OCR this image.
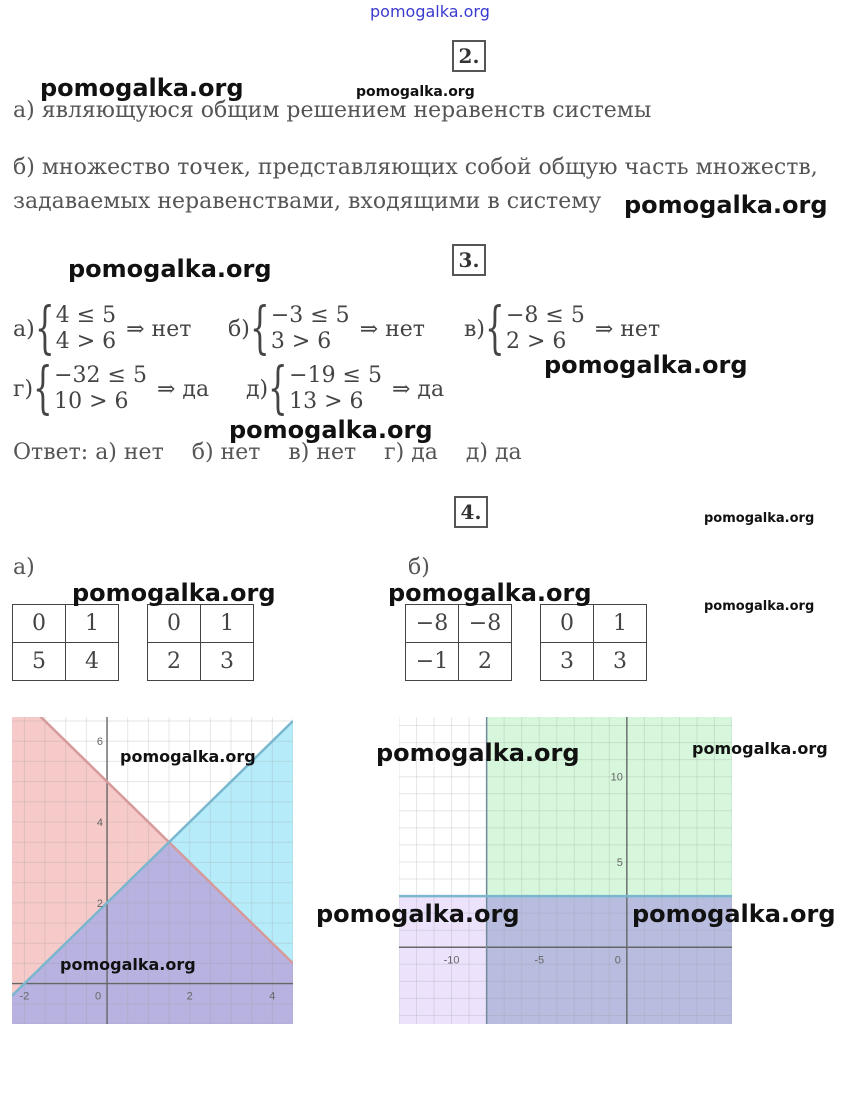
pomogalka.org
2.
а) являющуюся общим решением неравенств системы
б) множество точек, представляющих собой общую часть множеств,
задаваемых неравенствами, входящими в систему
3.
а) { 4 ≤ 5
4 > 6 ⇒ нет б) { −3 ≤ 5
3 > 6	⇒ нет в) { −8 ≤ 5
2 > 6	⇒ нет
г) { −32 ≤ 5
10 > 6	⇒ да д) { −19 ≤ 5
13 > 6	⇒ да
Ответ: а) нет    б) нет    в) нет    г) да    д) да
4.
а)	б)
0	1
5	4
0	1
2	3
−8	−8
−1	2
0	1
3	3
-2	0	2	4
2
4
6
-10	-5	0
5
10
pomogalka.org	pomogalka.org
pomogalka.org
pomogalka.org
pomogalka.org
pomogalka.org
pomogalka.org
pomogalka.org	pomogalka.org	pomogalka.org
pomogalka.org
pomogalka.org	pomogalka.org
pomogalka.org	pomogalka.org
pomogalka.org
